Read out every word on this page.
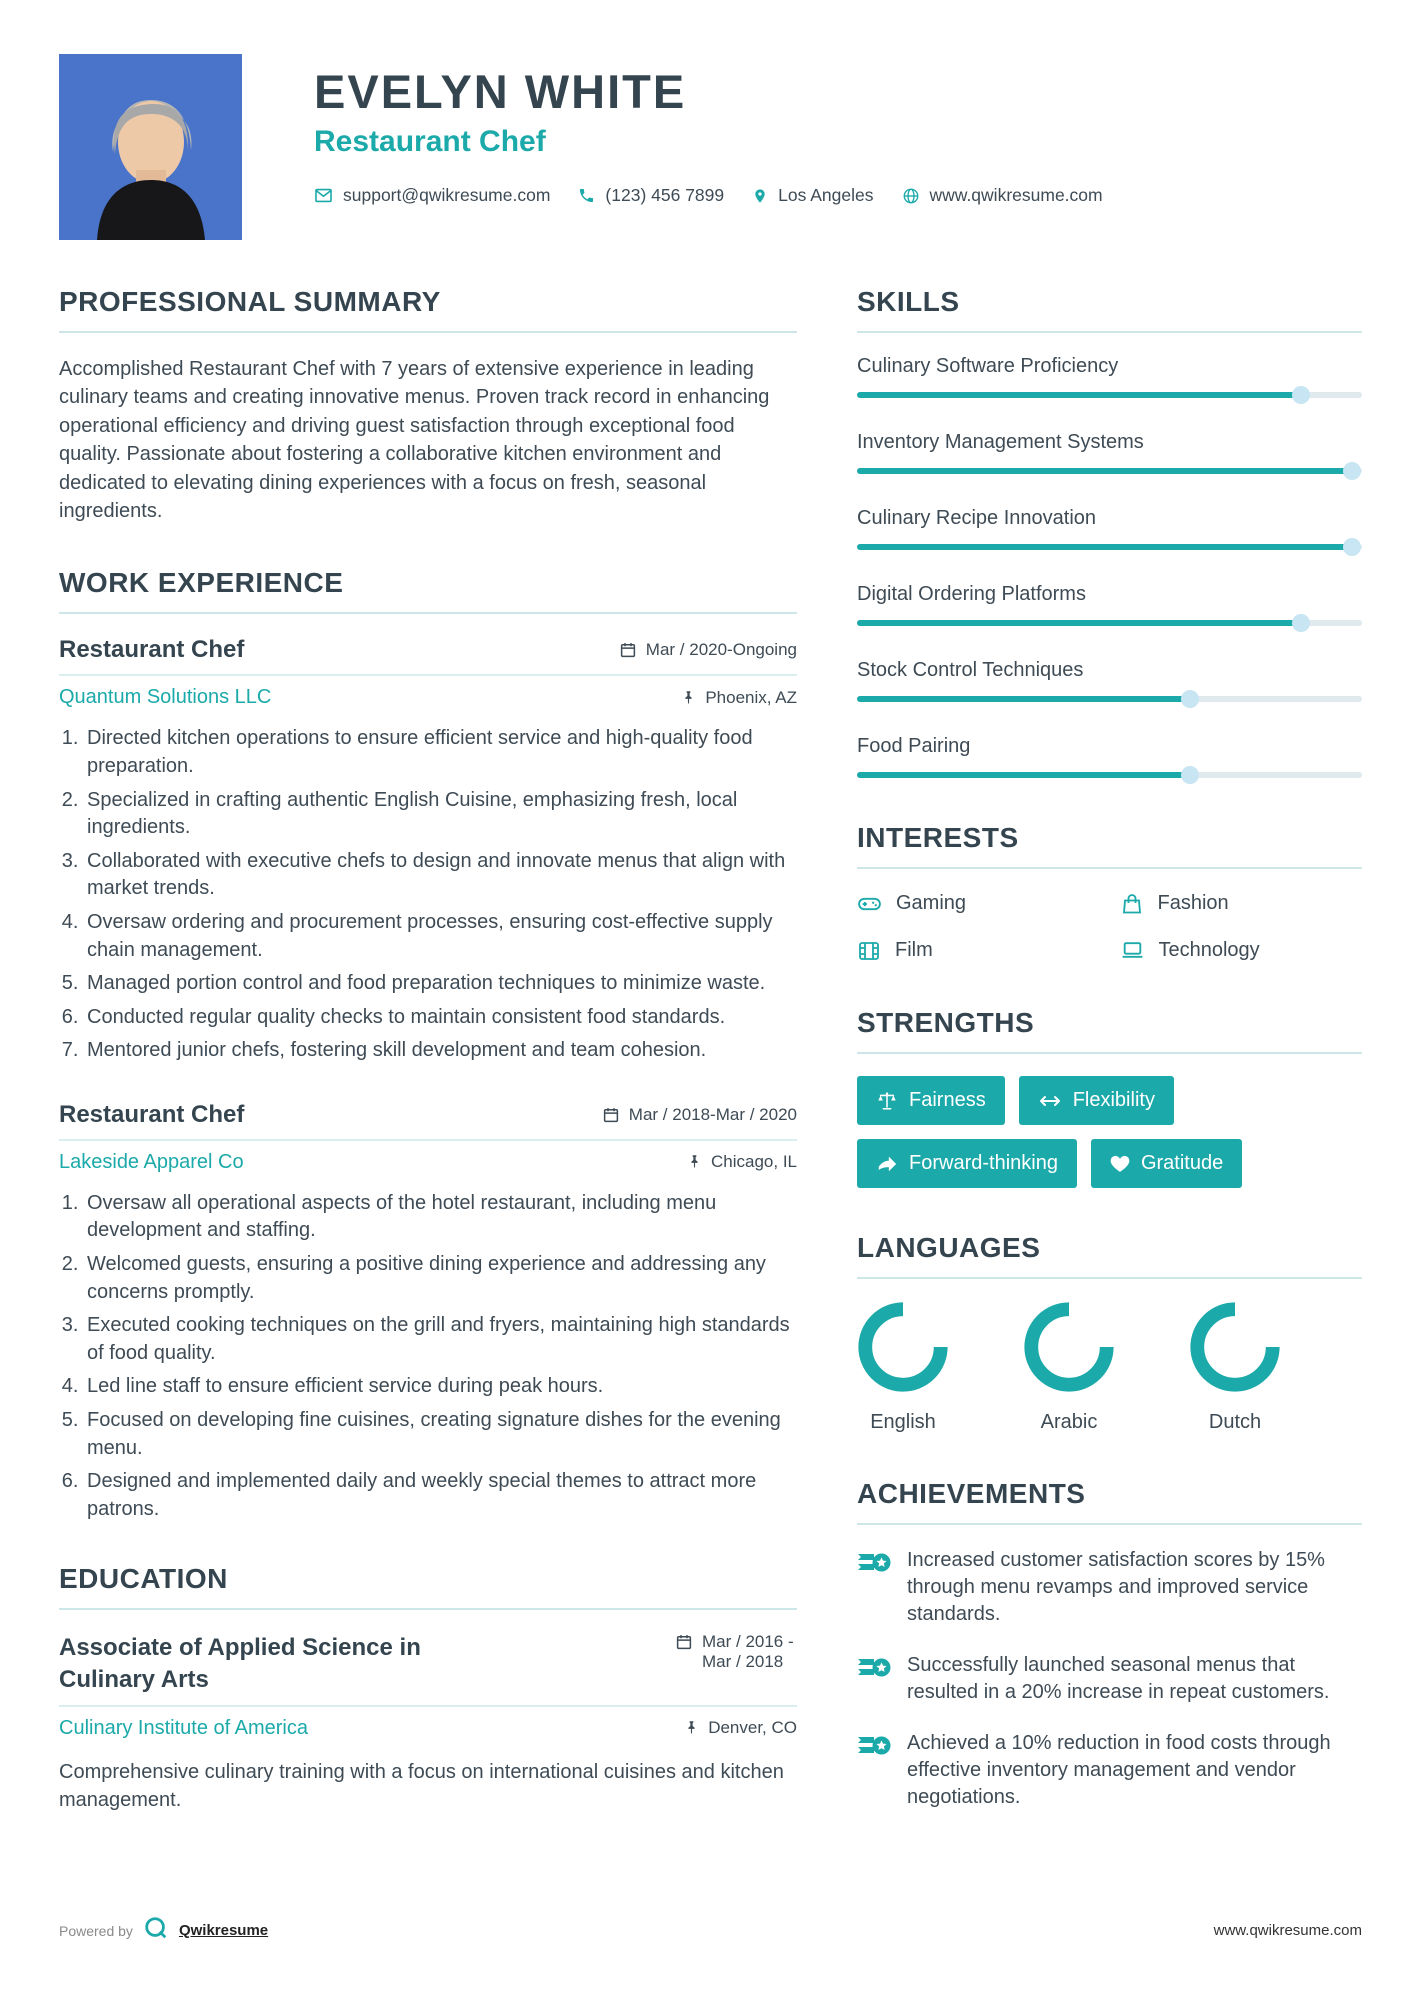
EVELYN WHITE
Restaurant Chef
support@qwikresume.com	(123) 456 7899	Los Angeles	www.qwikresume.com
PROFESSIONAL SUMMARY

Accomplished Restaurant Chef with 7 years of extensive experience in leading culinary teams and creating innovative menus. Proven track record in enhancing operational efficiency and driving guest satisfaction through exceptional food quality. Passionate about fostering a collaborative kitchen environment and dedicated to elevating dining experiences with a focus on fresh, seasonal ingredients.

WORK EXPERIENCE
Restaurant Chef	Mar / 2020-Ongoing
Quantum Solutions LLC	Phoenix, AZ
1. Directed kitchen operations to ensure efficient service and high-quality food preparation.
2. Specialized in crafting authentic English Cuisine, emphasizing fresh, local ingredients.
3. Collaborated with executive chefs to design and innovate menus that align with market trends.
4. Oversaw ordering and procurement processes, ensuring cost-effective supply chain management.
5. Managed portion control and food preparation techniques to minimize waste.
6. Conducted regular quality checks to maintain consistent food standards.
7. Mentored junior chefs, fostering skill development and team cohesion.
Restaurant Chef	Mar / 2018-Mar / 2020
Lakeside Apparel Co	Chicago, IL
1. Oversaw all operational aspects of the hotel restaurant, including menu development and staffing.
2. Welcomed guests, ensuring a positive dining experience and addressing any concerns promptly.
3. Executed cooking techniques on the grill and fryers, maintaining high standards of food quality.
4. Led line staff to ensure efficient service during peak hours.
5. Focused on developing fine cuisines, creating signature dishes for the evening menu.
6. Designed and implemented daily and weekly special themes to attract more patrons.
EDUCATION
Associate of Applied Science in Culinary Arts
Mar / 2016 - Mar / 2018
Culinary Institute of America	Denver, CO

Comprehensive culinary training with a focus on international cuisines and kitchen management.

SKILLS
Culinary Software Proficiency
Inventory Management Systems
Culinary Recipe Innovation
Digital Ordering Platforms
Stock Control Techniques
Food Pairing
INTERESTS
Gaming	Fashion
Film	Technology
STRENGTHS
Fairness	Flexibility
Forward-thinking	Gratitude
LANGUAGES
English	Arabic	Dutch
ACHIEVEMENTS

Increased customer satisfaction scores by 15% through menu revamps and improved service standards.

Successfully launched seasonal menus that resulted in a 20% increase in repeat customers.

Achieved a 10% reduction in food costs through effective inventory management and vendor negotiations.

Powered by	Qwikresume	www.qwikresume.com
